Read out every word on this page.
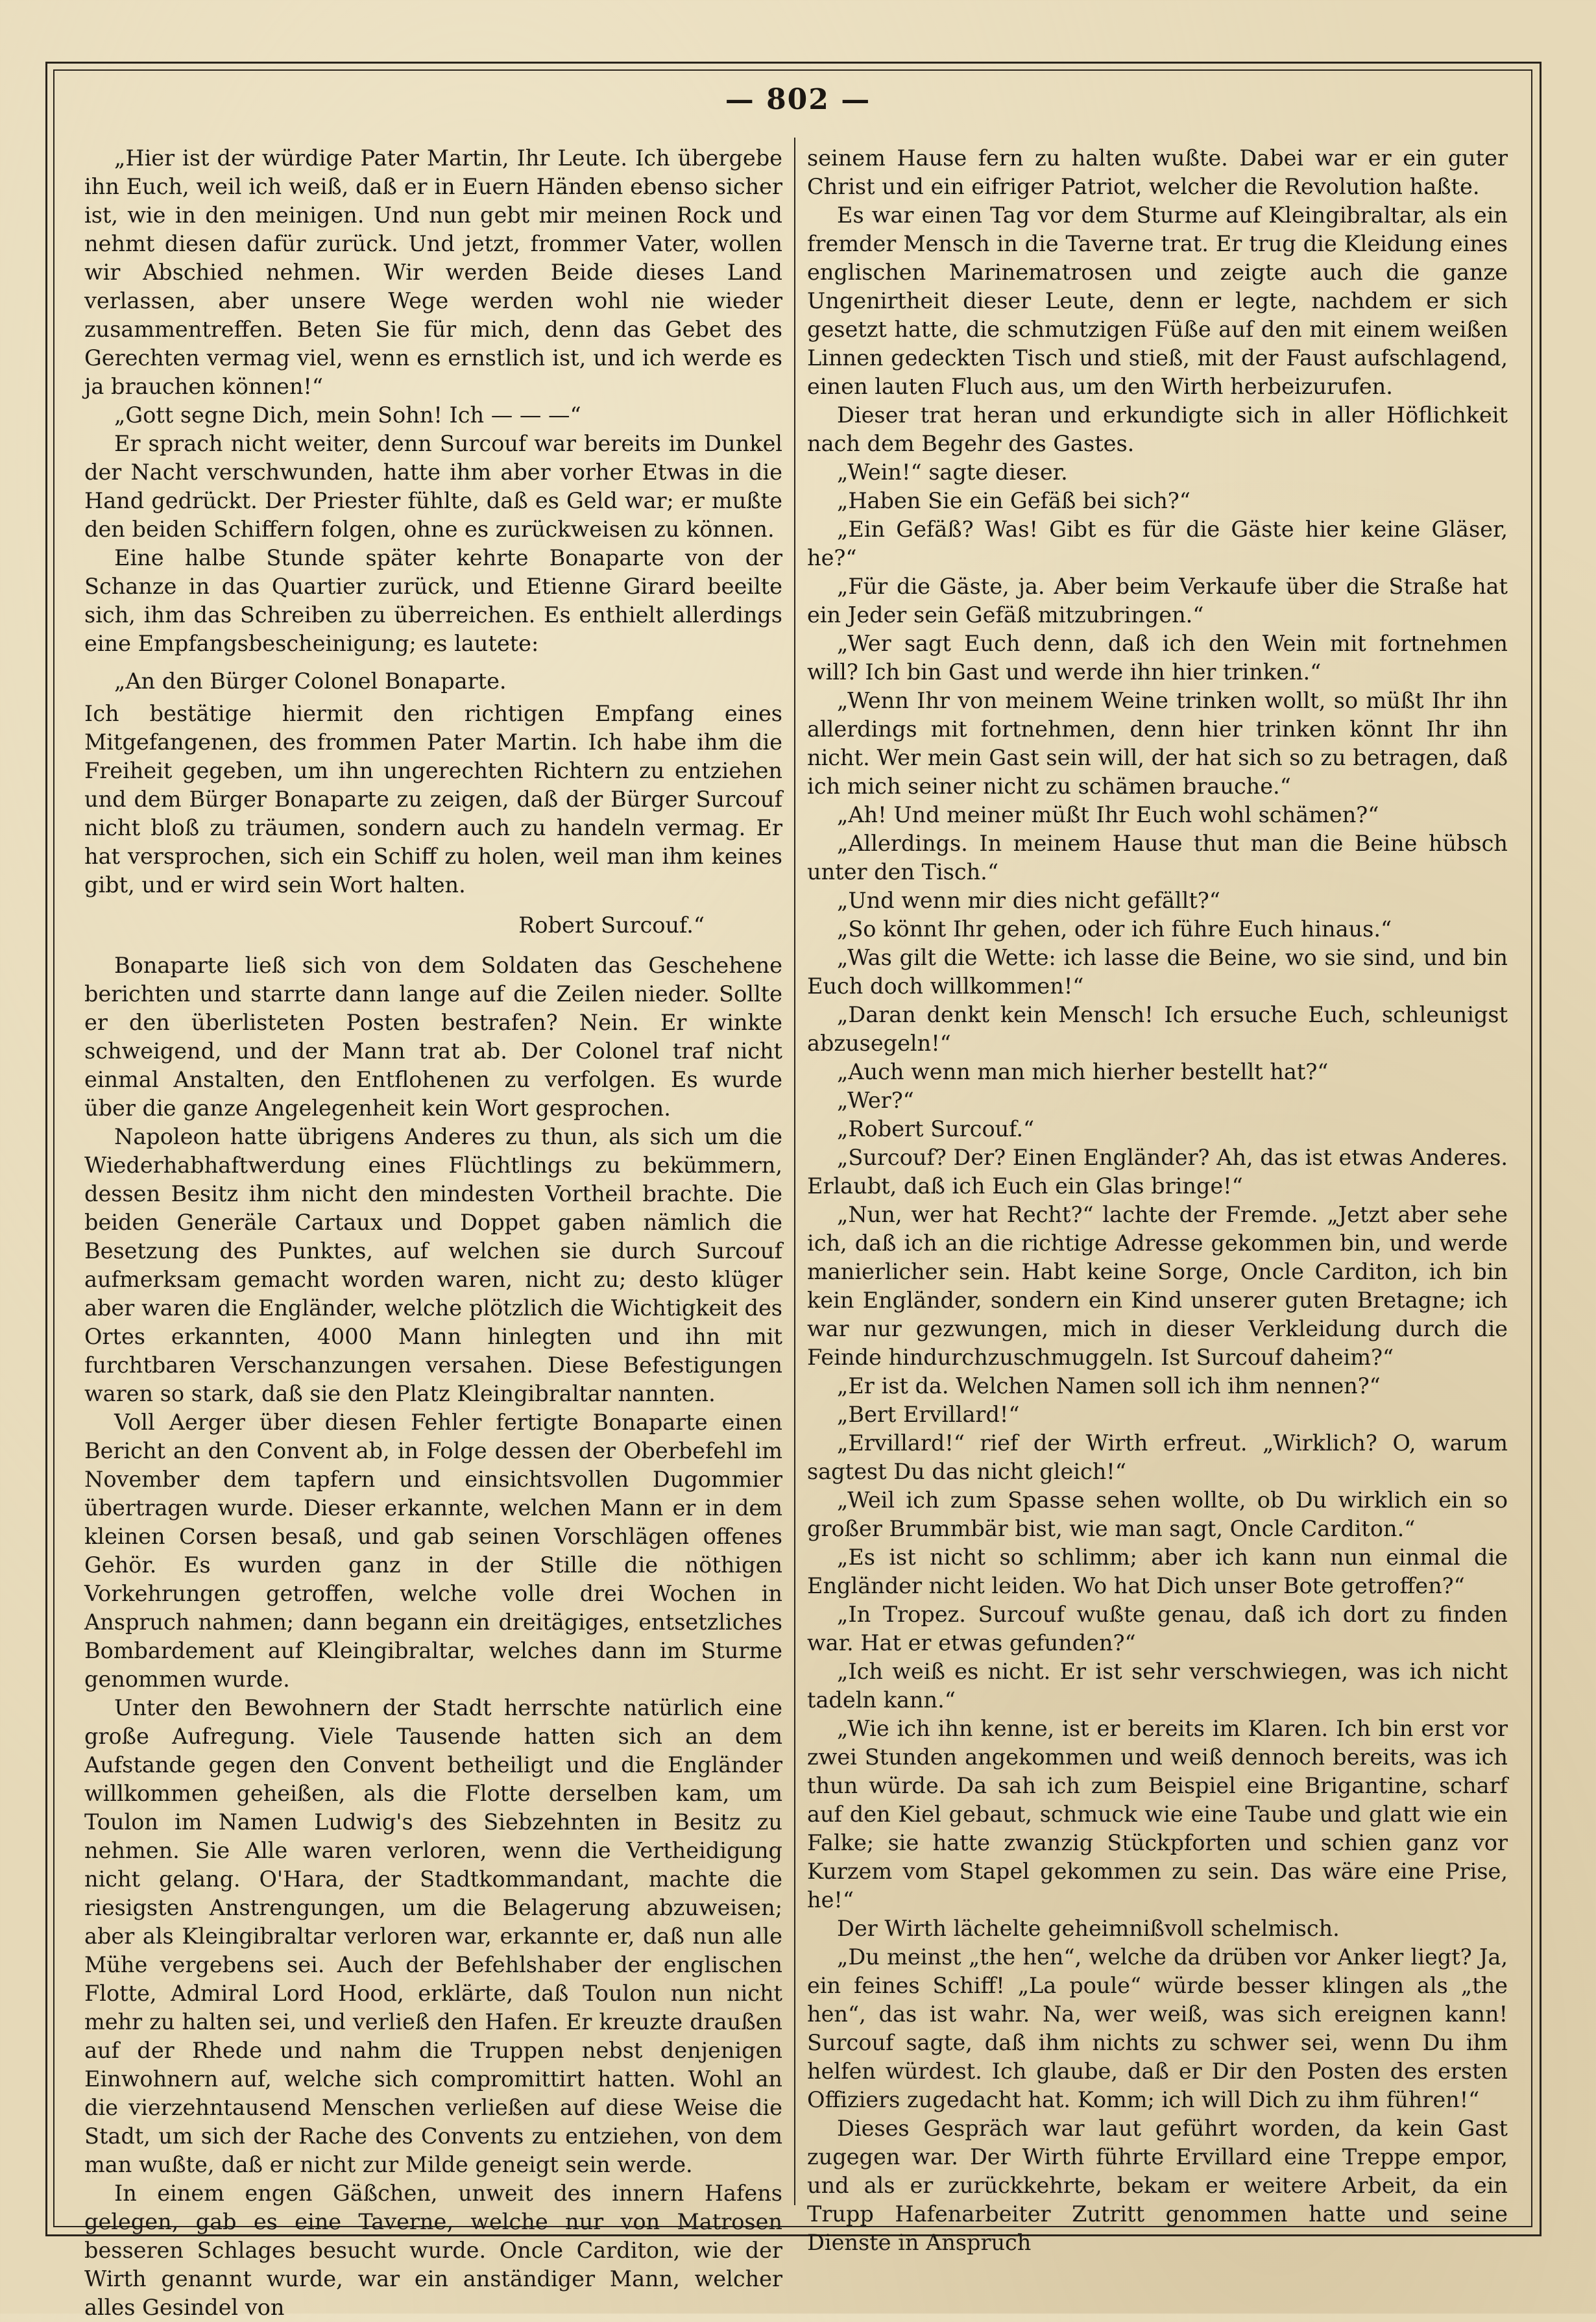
— 802 —

„Hier ist der würdige Pater Martin, Ihr Leute. Ich übergebe ihn Euch, weil ich weiß, daß er in Euern Händen ebenso sicher ist, wie in den meinigen. Und nun gebt mir meinen Rock und nehmt diesen dafür zurück. Und jetzt, frommer Vater, wollen wir Abschied nehmen. Wir werden Beide dieses Land verlassen, aber unsere Wege werden wohl nie wieder zusammentreffen. Beten Sie für mich, denn das Gebet des Gerechten vermag viel, wenn es ernstlich ist, und ich werde es ja brauchen können!“

„Gott segne Dich, mein Sohn! Ich — — —“

Er sprach nicht weiter, denn Surcouf war bereits im Dunkel der Nacht verschwunden, hatte ihm aber vorher Etwas in die Hand gedrückt. Der Priester fühlte, daß es Geld war; er mußte den beiden Schiffern folgen, ohne es zurückweisen zu können.

Eine halbe Stunde später kehrte Bonaparte von der Schanze in das Quartier zurück, und Etienne Girard beeilte sich, ihm das Schreiben zu überreichen. Es enthielt allerdings eine Empfangsbescheinigung; es lautete:

„An den Bürger Colonel Bonaparte.

Ich bestätige hiermit den richtigen Empfang eines Mitgefangenen, des frommen Pater Martin. Ich habe ihm die Freiheit gegeben, um ihn ungerechten Richtern zu entziehen und dem Bürger Bonaparte zu zeigen, daß der Bürger Surcouf nicht bloß zu träumen, sondern auch zu handeln vermag. Er hat versprochen, sich ein Schiff zu holen, weil man ihm keines gibt, und er wird sein Wort halten.

Robert Surcouf.“

Bonaparte ließ sich von dem Soldaten das Geschehene berichten und starrte dann lange auf die Zeilen nieder. Sollte er den überlisteten Posten bestrafen? Nein. Er winkte schweigend, und der Mann trat ab. Der Colonel traf nicht einmal Anstalten, den Entflohenen zu verfolgen. Es wurde über die ganze Angelegenheit kein Wort gesprochen.

Napoleon hatte übrigens Anderes zu thun, als sich um die Wiederhabhaftwerdung eines Flüchtlings zu bekümmern, dessen Besitz ihm nicht den mindesten Vortheil brachte. Die beiden Generäle Cartaux und Doppet gaben nämlich die Besetzung des Punktes, auf welchen sie durch Surcouf aufmerksam gemacht worden waren, nicht zu; desto klüger aber waren die Engländer, welche plötzlich die Wichtigkeit des Ortes erkannten, 4000 Mann hinlegten und ihn mit furchtbaren Verschanzungen versahen. Diese Befestigungen waren so stark, daß sie den Platz Kleingibraltar nannten.

Voll Aerger über diesen Fehler fertigte Bonaparte einen Bericht an den Convent ab, in Folge dessen der Oberbefehl im November dem tapfern und einsichtsvollen Dugommier übertragen wurde. Dieser erkannte, welchen Mann er in dem kleinen Corsen besaß, und gab seinen Vorschlägen offenes Gehör. Es wurden ganz in der Stille die nöthigen Vorkehrungen getroffen, welche volle drei Wochen in Anspruch nahmen; dann begann ein dreitägiges, entsetzliches Bombardement auf Kleingibraltar, welches dann im Sturme genommen wurde.

Unter den Bewohnern der Stadt herrschte natürlich eine große Aufregung. Viele Tausende hatten sich an dem Aufstande gegen den Convent betheiligt und die Engländer willkommen geheißen, als die Flotte derselben kam, um Toulon im Namen Ludwig's des Siebzehnten in Besitz zu nehmen. Sie Alle waren verloren, wenn die Vertheidigung nicht gelang. O'Hara, der Stadtkommandant, machte die riesigsten Anstrengungen, um die Belagerung abzuweisen; aber als Kleingibraltar verloren war, erkannte er, daß nun alle Mühe vergebens sei. Auch der Befehlshaber der englischen Flotte, Admiral Lord Hood, erklärte, daß Toulon nun nicht mehr zu halten sei, und verließ den Hafen. Er kreuzte draußen auf der Rhede und nahm die Truppen nebst denjenigen Einwohnern auf, welche sich compromittirt hatten. Wohl an die vierzehntausend Menschen verließen auf diese Weise die Stadt, um sich der Rache des Convents zu entziehen, von dem man wußte, daß er nicht zur Milde geneigt sein werde.

In einem engen Gäßchen, unweit des innern Hafens gelegen, gab es eine Taverne, welche nur von Matrosen besseren Schlages besucht wurde. Oncle Carditon, wie der Wirth genannt wurde, war ein anständiger Mann, welcher alles Gesindel von

seinem Hause fern zu halten wußte. Dabei war er ein guter Christ und ein eifriger Patriot, welcher die Revolution haßte.

Es war einen Tag vor dem Sturme auf Kleingibraltar, als ein fremder Mensch in die Taverne trat. Er trug die Kleidung eines englischen Marinematrosen und zeigte auch die ganze Ungenirtheit dieser Leute, denn er legte, nachdem er sich gesetzt hatte, die schmutzigen Füße auf den mit einem weißen Linnen gedeckten Tisch und stieß, mit der Faust aufschlagend, einen lauten Fluch aus, um den Wirth herbeizurufen.

Dieser trat heran und erkundigte sich in aller Höflichkeit nach dem Begehr des Gastes.

„Wein!“ sagte dieser.

„Haben Sie ein Gefäß bei sich?“

„Ein Gefäß? Was! Gibt es für die Gäste hier keine Gläser, he?“

„Für die Gäste, ja. Aber beim Verkaufe über die Straße hat ein Jeder sein Gefäß mitzubringen.“

„Wer sagt Euch denn, daß ich den Wein mit fortnehmen will? Ich bin Gast und werde ihn hier trinken.“

„Wenn Ihr von meinem Weine trinken wollt, so müßt Ihr ihn allerdings mit fortnehmen, denn hier trinken könnt Ihr ihn nicht. Wer mein Gast sein will, der hat sich so zu betragen, daß ich mich seiner nicht zu schämen brauche.“

„Ah! Und meiner müßt Ihr Euch wohl schämen?“

„Allerdings. In meinem Hause thut man die Beine hübsch unter den Tisch.“

„Und wenn mir dies nicht gefällt?“

„So könnt Ihr gehen, oder ich führe Euch hinaus.“

„Was gilt die Wette: ich lasse die Beine, wo sie sind, und bin Euch doch willkommen!“

„Daran denkt kein Mensch! Ich ersuche Euch, schleunigst abzusegeln!“

„Auch wenn man mich hierher bestellt hat?“

„Wer?“

„Robert Surcouf.“

„Surcouf? Der? Einen Engländer? Ah, das ist etwas Anderes. Erlaubt, daß ich Euch ein Glas bringe!“

„Nun, wer hat Recht?“ lachte der Fremde. „Jetzt aber sehe ich, daß ich an die richtige Adresse gekommen bin, und werde manierlicher sein. Habt keine Sorge, Oncle Carditon, ich bin kein Engländer, sondern ein Kind unserer guten Bretagne; ich war nur gezwungen, mich in dieser Verkleidung durch die Feinde hindurchzuschmuggeln. Ist Surcouf daheim?“

„Er ist da. Welchen Namen soll ich ihm nennen?“

„Bert Ervillard!“

„Ervillard!“ rief der Wirth erfreut. „Wirklich? O, warum sagtest Du das nicht gleich!“

„Weil ich zum Spasse sehen wollte, ob Du wirklich ein so großer Brummbär bist, wie man sagt, Oncle Carditon.“

„Es ist nicht so schlimm; aber ich kann nun einmal die Engländer nicht leiden. Wo hat Dich unser Bote getroffen?“

„In Tropez. Surcouf wußte genau, daß ich dort zu finden war. Hat er etwas gefunden?“

„Ich weiß es nicht. Er ist sehr verschwiegen, was ich nicht tadeln kann.“

„Wie ich ihn kenne, ist er bereits im Klaren. Ich bin erst vor zwei Stunden angekommen und weiß dennoch bereits, was ich thun würde. Da sah ich zum Beispiel eine Brigantine, scharf auf den Kiel gebaut, schmuck wie eine Taube und glatt wie ein Falke; sie hatte zwanzig Stückpforten und schien ganz vor Kurzem vom Stapel gekommen zu sein. Das wäre eine Prise, he!“

Der Wirth lächelte geheimnißvoll schelmisch.

„Du meinst „the hen“, welche da drüben vor Anker liegt? Ja, ein feines Schiff! „La poule“ würde besser klingen als „the hen“, das ist wahr. Na, wer weiß, was sich ereignen kann! Surcouf sagte, daß ihm nichts zu schwer sei, wenn Du ihm helfen würdest. Ich glaube, daß er Dir den Posten des ersten Offiziers zugedacht hat. Komm; ich will Dich zu ihm führen!“

Dieses Gespräch war laut geführt worden, da kein Gast zugegen war. Der Wirth führte Ervillard eine Treppe empor, und als er zurückkehrte, bekam er weitere Arbeit, da ein Trupp Hafenarbeiter Zutritt genommen hatte und seine Dienste in Anspruch
